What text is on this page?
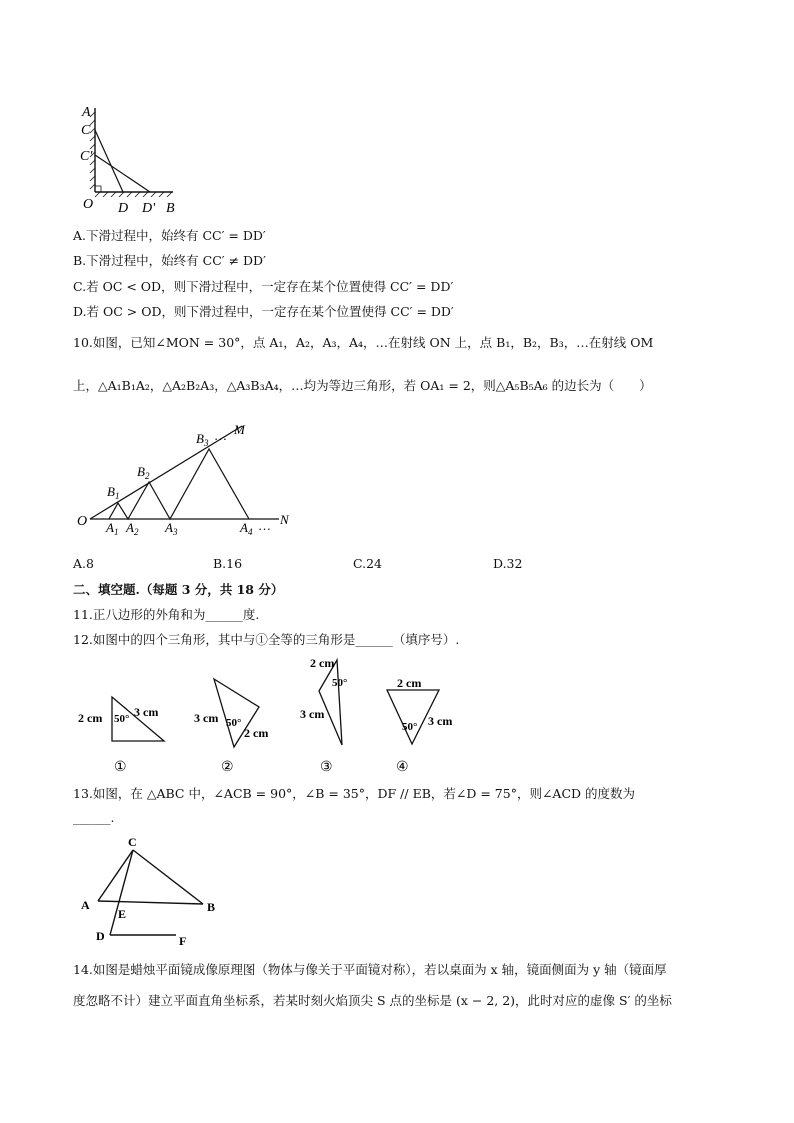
A
C
C'
O D D' B
A.下滑过程中，始终有 CC′ = DD′
B.下滑过程中，始终有 CC′ ≠ DD′
C.若 OC < OD，则下滑过程中，一定存在某个位置使得 CC′ = DD′
D.若 OC > OD，则下滑过程中，一定存在某个位置使得 CC′ = DD′
10.如图，已知∠MON = 30°，点 A₁，A₂，A₃，A₄，…在射线 ON 上，点 B₁，B₂，B₃，…在射线 OM
上，△A₁B₁A₂，△A₂B₂A₃，△A₃B₃A₄，…均为等边三角形，若 OA₁ = 2，则△A₅B₅A₆ 的边长为（　　）
O $A_1$ $A_2$ $A_3$	$A_4$ … N
$B_1$
$B_2$
$B_3$ … M
A.8	B.16	C.24	D.32
二、填空题.（每题 3 分，共 18 分）
11.正八边形的外角和为______度.
12.如图中的四个三角形，其中与①全等的三角形是______（填序号）.
2 cm 50° 3 cm	3 cm 50°
2 cm
2 cm
50°
3 cm
2 cm
50° 3 cm
①	②	③	④
13.如图，在 △ABC 中，∠ACB = 90°，∠B = 35°，DF // EB，若∠D = 75°，则∠ACD 的度数为
______.
C
A
E	B
D	F
14.如图是蜡烛平面镜成像原理图（物体与像关于平面镜对称），若以桌面为 x 轴，镜面侧面为 y 轴（镜面厚
度忽略不计）建立平面直角坐标系，若某时刻火焰顶尖 S 点的坐标是 (x − 2, 2)，此时对应的虚像 S′ 的坐标
